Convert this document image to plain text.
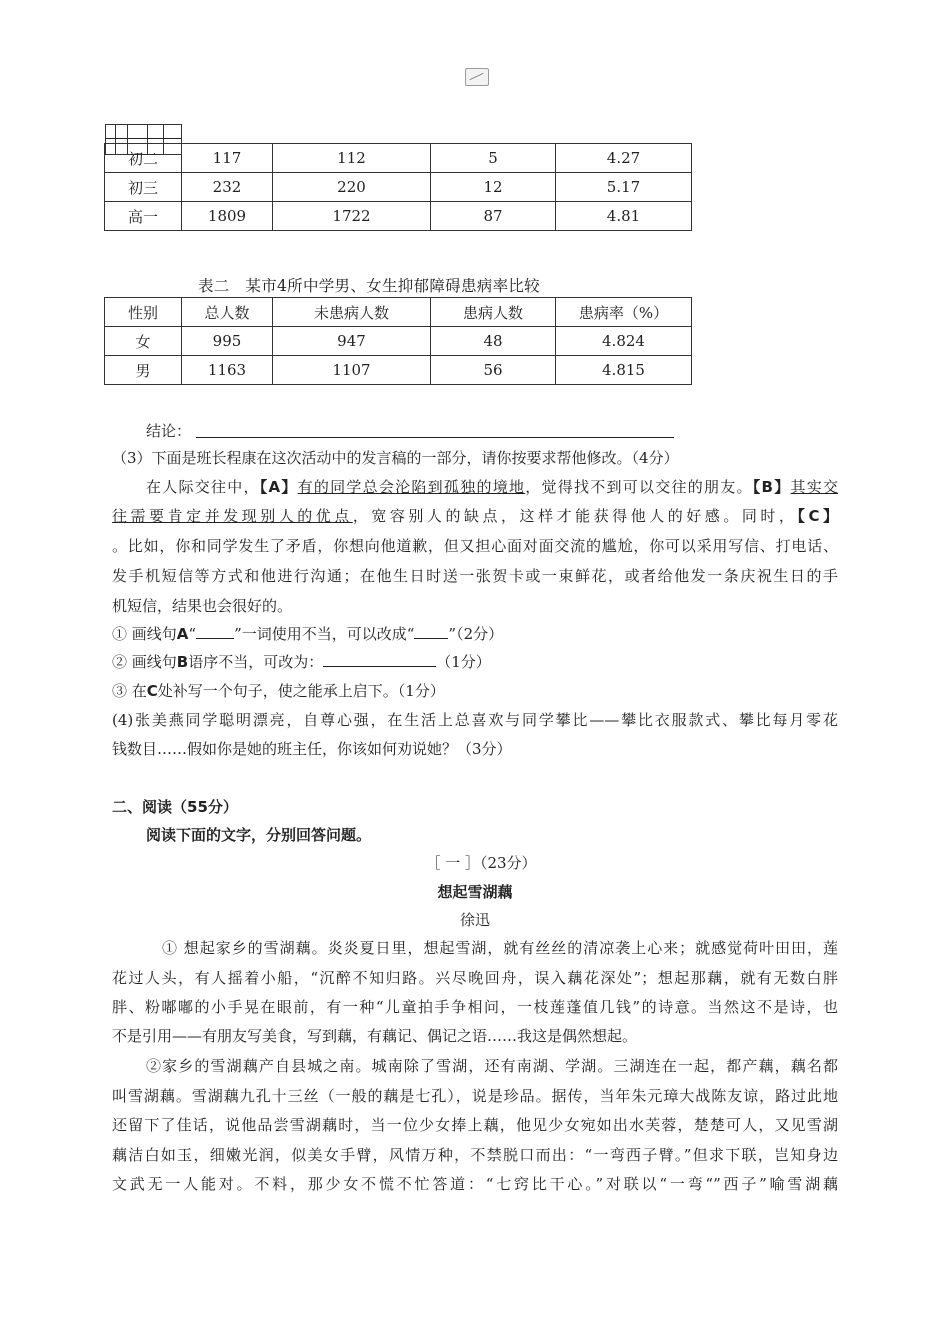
				初二	117	112	5	4.27
初三	232	220	12	5.17
高一	1809	1722	87	4.81
表二　某市4所中学男、女生抑郁障碍患病率比较
性别	总人数	未患病人数	患病人数	患病率（%）
女	995	947	48	4.824
男	1163	1107	56	4.815
结论：
（3）下面是班长程康在这次活动中的发言稿的一部分，请你按要求帮他修改。（4分）
在人际交往中，【A】有的同学总会沦陷到孤独的境地，觉得找不到可以交往的朋友。【B】其实交
往需要肯定并发现别人的优点，宽容别人的缺点，这样才能获得他人的好感。同时，【C】
。比如，你和同学发生了矛盾，你想向他道歉，但又担心面对面交流的尴尬，你可以采用写信、打电话、
发手机短信等方式和他进行沟通；在他生日时送一张贺卡或一束鲜花，或者给他发一条庆祝生日的手
机短信，结果也会很好的。
① 画线句A“	”一词使用不当，可以改成“ ”（2分）
② 画线句B语序不当，可改为：	（1分）
③ 在C处补写一个句子，使之能承上启下。（1分）
(4)张美燕同学聪明漂亮，自尊心强，在生活上总喜欢与同学攀比——攀比衣服款式、攀比每月零花
钱数目……假如你是她的班主任，你该如何劝说她？（3分）
二、阅读（55分）
阅读下面的文字，分别回答问题。
［ 一 ］（23分）
想起雪湖藕
徐迅
① 想起家乡的雪湖藕。炎炎夏日里，想起雪湖，就有丝丝的清凉袭上心来；就感觉荷叶田田，莲
花过人头，有人摇着小船，“沉醉不知归路。兴尽晚回舟，误入藕花深处”；想起那藕，就有无数白胖
胖、粉嘟嘟的小手晃在眼前，有一种“儿童拍手争相问，一枝莲蓬值几钱”的诗意。当然这不是诗，也
不是引用——有朋友写美食，写到藕，有藕记、偶记之语……我这是偶然想起。
②家乡的雪湖藕产自县城之南。城南除了雪湖，还有南湖、学湖。三湖连在一起，都产藕，藕名都
叫雪湖藕。雪湖藕九孔十三丝（一般的藕是七孔），说是珍品。据传，当年朱元璋大战陈友谅，路过此地
还留下了佳话，说他品尝雪湖藕时，当一位少女捧上藕，他见少女宛如出水芙蓉，楚楚可人，又见雪湖
藕洁白如玉，细嫩光润，似美女手臂，风情万种，不禁脱口而出：“一弯西子臂。”但求下联，岂知身边
文武无一人能对。不料，那少女不慌不忙答道：“七窍比干心。”对联以“一弯“”西子”喻雪湖藕
